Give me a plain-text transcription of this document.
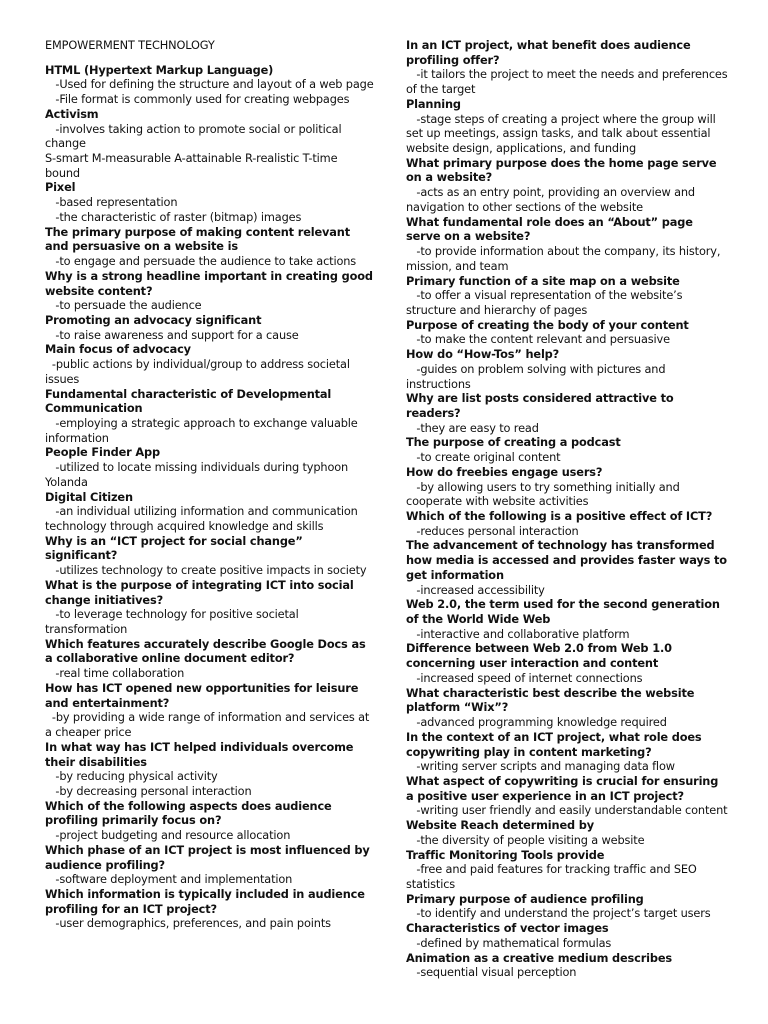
EMPOWERMENT TECHNOLOGY

HTML (Hypertext Markup Language)

-Used for defining the structure and layout of a web page

-File format is commonly used for creating webpages

Activism

-involves taking action to promote social or political change

S-smart M-measurable A-attainable R-realistic T-time bound

Pixel

-based representation

-the characteristic of raster (bitmap) images

The primary purpose of making content relevant and persuasive on a website is

-to engage and persuade the audience to take actions

Why is a strong headline important in creating good website content?

-to persuade the audience

Promoting an advocacy significant

-to raise awareness and support for a cause

Main focus of advocacy

-public actions by individual/group to address societal issues

Fundamental characteristic of Developmental Communication

-employing a strategic approach to exchange valuable information

People Finder App

-utilized to locate missing individuals during typhoon Yolanda

Digital Citizen

-an individual utilizing information and communication technology through acquired knowledge and skills

Why is an “ICT project for social change” significant?

-utilizes technology to create positive impacts in society

What is the purpose of integrating ICT into social change initiatives?

-to leverage technology for positive societal transformation

Which features accurately describe Google Docs as a collaborative online document editor?

-real time collaboration

How has ICT opened new opportunities for leisure and entertainment?

-by providing a wide range of information and services at a cheaper price

In what way has ICT helped individuals overcome their disabilities

-by reducing physical activity

-by decreasing personal interaction

Which of the following aspects does audience profiling primarily focus on?

-project budgeting and resource allocation

Which phase of an ICT project is most influenced by audience profiling?

-software deployment and implementation

Which information is typically included in audience profiling for an ICT project?

-user demographics, preferences, and pain points

In an ICT project, what benefit does audience profiling offer?

-it tailors the project to meet the needs and preferences of the target

Planning

-stage steps of creating a project where the group will set up meetings, assign tasks, and talk about essential website design, applications, and funding

What primary purpose does the home page serve on a website?

-acts as an entry point, providing an overview and navigation to other sections of the website

What fundamental role does an “About” page serve on a website?

-to provide information about the company, its history, mission, and team

Primary function of a site map on a website

-to offer a visual representation of the website’s structure and hierarchy of pages

Purpose of creating the body of your content

-to make the content relevant and persuasive

How do “How-Tos” help?

-guides on problem solving with pictures and instructions

Why are list posts considered attractive to readers?

-they are easy to read

The purpose of creating a podcast

-to create original content

How do freebies engage users?

-by allowing users to try something initially and cooperate with website activities

Which of the following is a positive effect of ICT?

-reduces personal interaction

The advancement of technology has transformed how media is accessed and provides faster ways to get information

-increased accessibility

Web 2.0, the term used for the second generation of the World Wide Web

-interactive and collaborative platform

Difference between Web 2.0 from Web 1.0 concerning user interaction and content

-increased speed of internet connections

What characteristic best describe the website platform “Wix”?

-advanced programming knowledge required

In the context of an ICT project, what role does copywriting play in content marketing?

-writing server scripts and managing data flow

What aspect of copywriting is crucial for ensuring a positive user experience in an ICT project?

-writing user friendly and easily understandable content

Website Reach determined by

-the diversity of people visiting a website

Traffic Monitoring Tools provide

-free and paid features for tracking traffic and SEO statistics

Primary purpose of audience profiling

-to identify and understand the project’s target users

Characteristics of vector images

-defined by mathematical formulas

Animation as a creative medium describes

-sequential visual perception
